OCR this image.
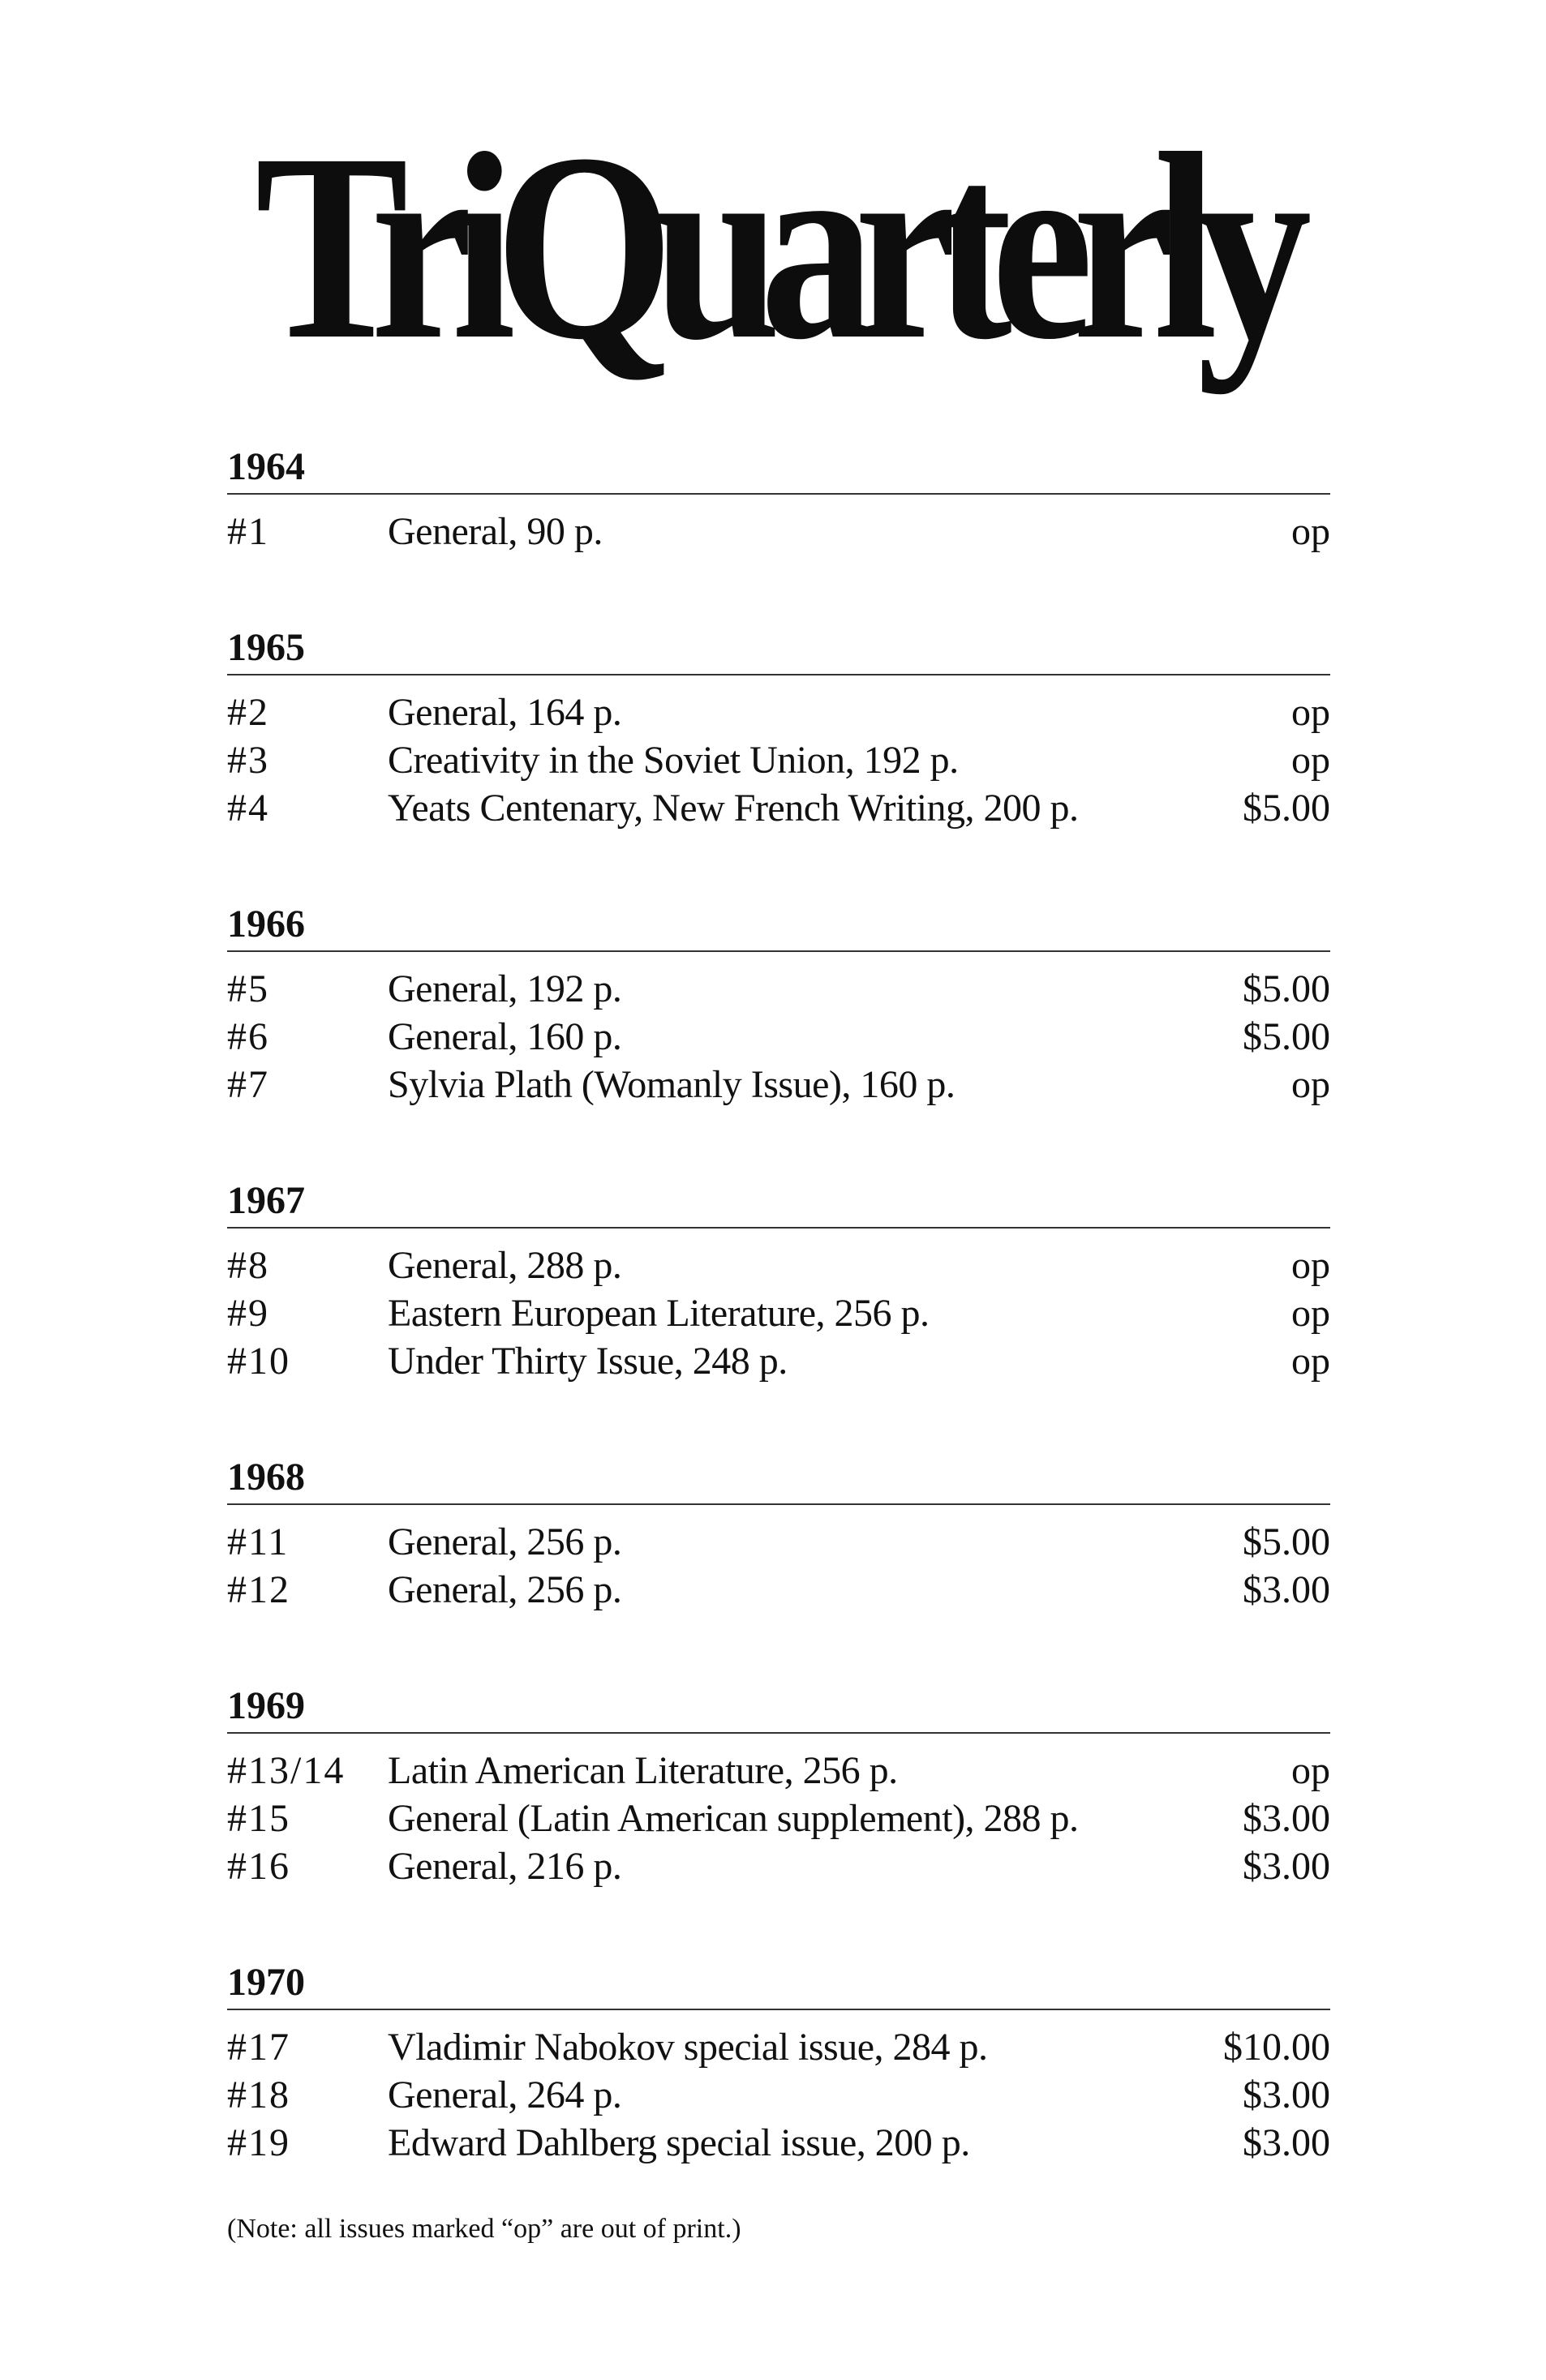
TriQuarterly
1964
#1	General, 90 p.	op
1965
#2	General, 164 p.	op
#3	Creativity in the Soviet Union, 192 p.	op
#4	Yeats Centenary, New French Writing, 200 p.	$5.00
1966
#5	General, 192 p.	$5.00
#6	General, 160 p.	$5.00
#7	Sylvia Plath (Womanly Issue), 160 p.	op
1967
#8	General, 288 p.	op
#9	Eastern European Literature, 256 p.	op
#10	Under Thirty Issue, 248 p.	op
1968
#11	General, 256 p.	$5.00
#12	General, 256 p.	$3.00
1969
#13/14	Latin American Literature, 256 p.	op
#15	General (Latin American supplement), 288 p.	$3.00
#16	General, 216 p.	$3.00
1970
#17	Vladimir Nabokov special issue, 284 p.	$10.00
#18	General, 264 p.	$3.00
#19	Edward Dahlberg special issue, 200 p.	$3.00
(Note: all issues marked “op” are out of print.)
